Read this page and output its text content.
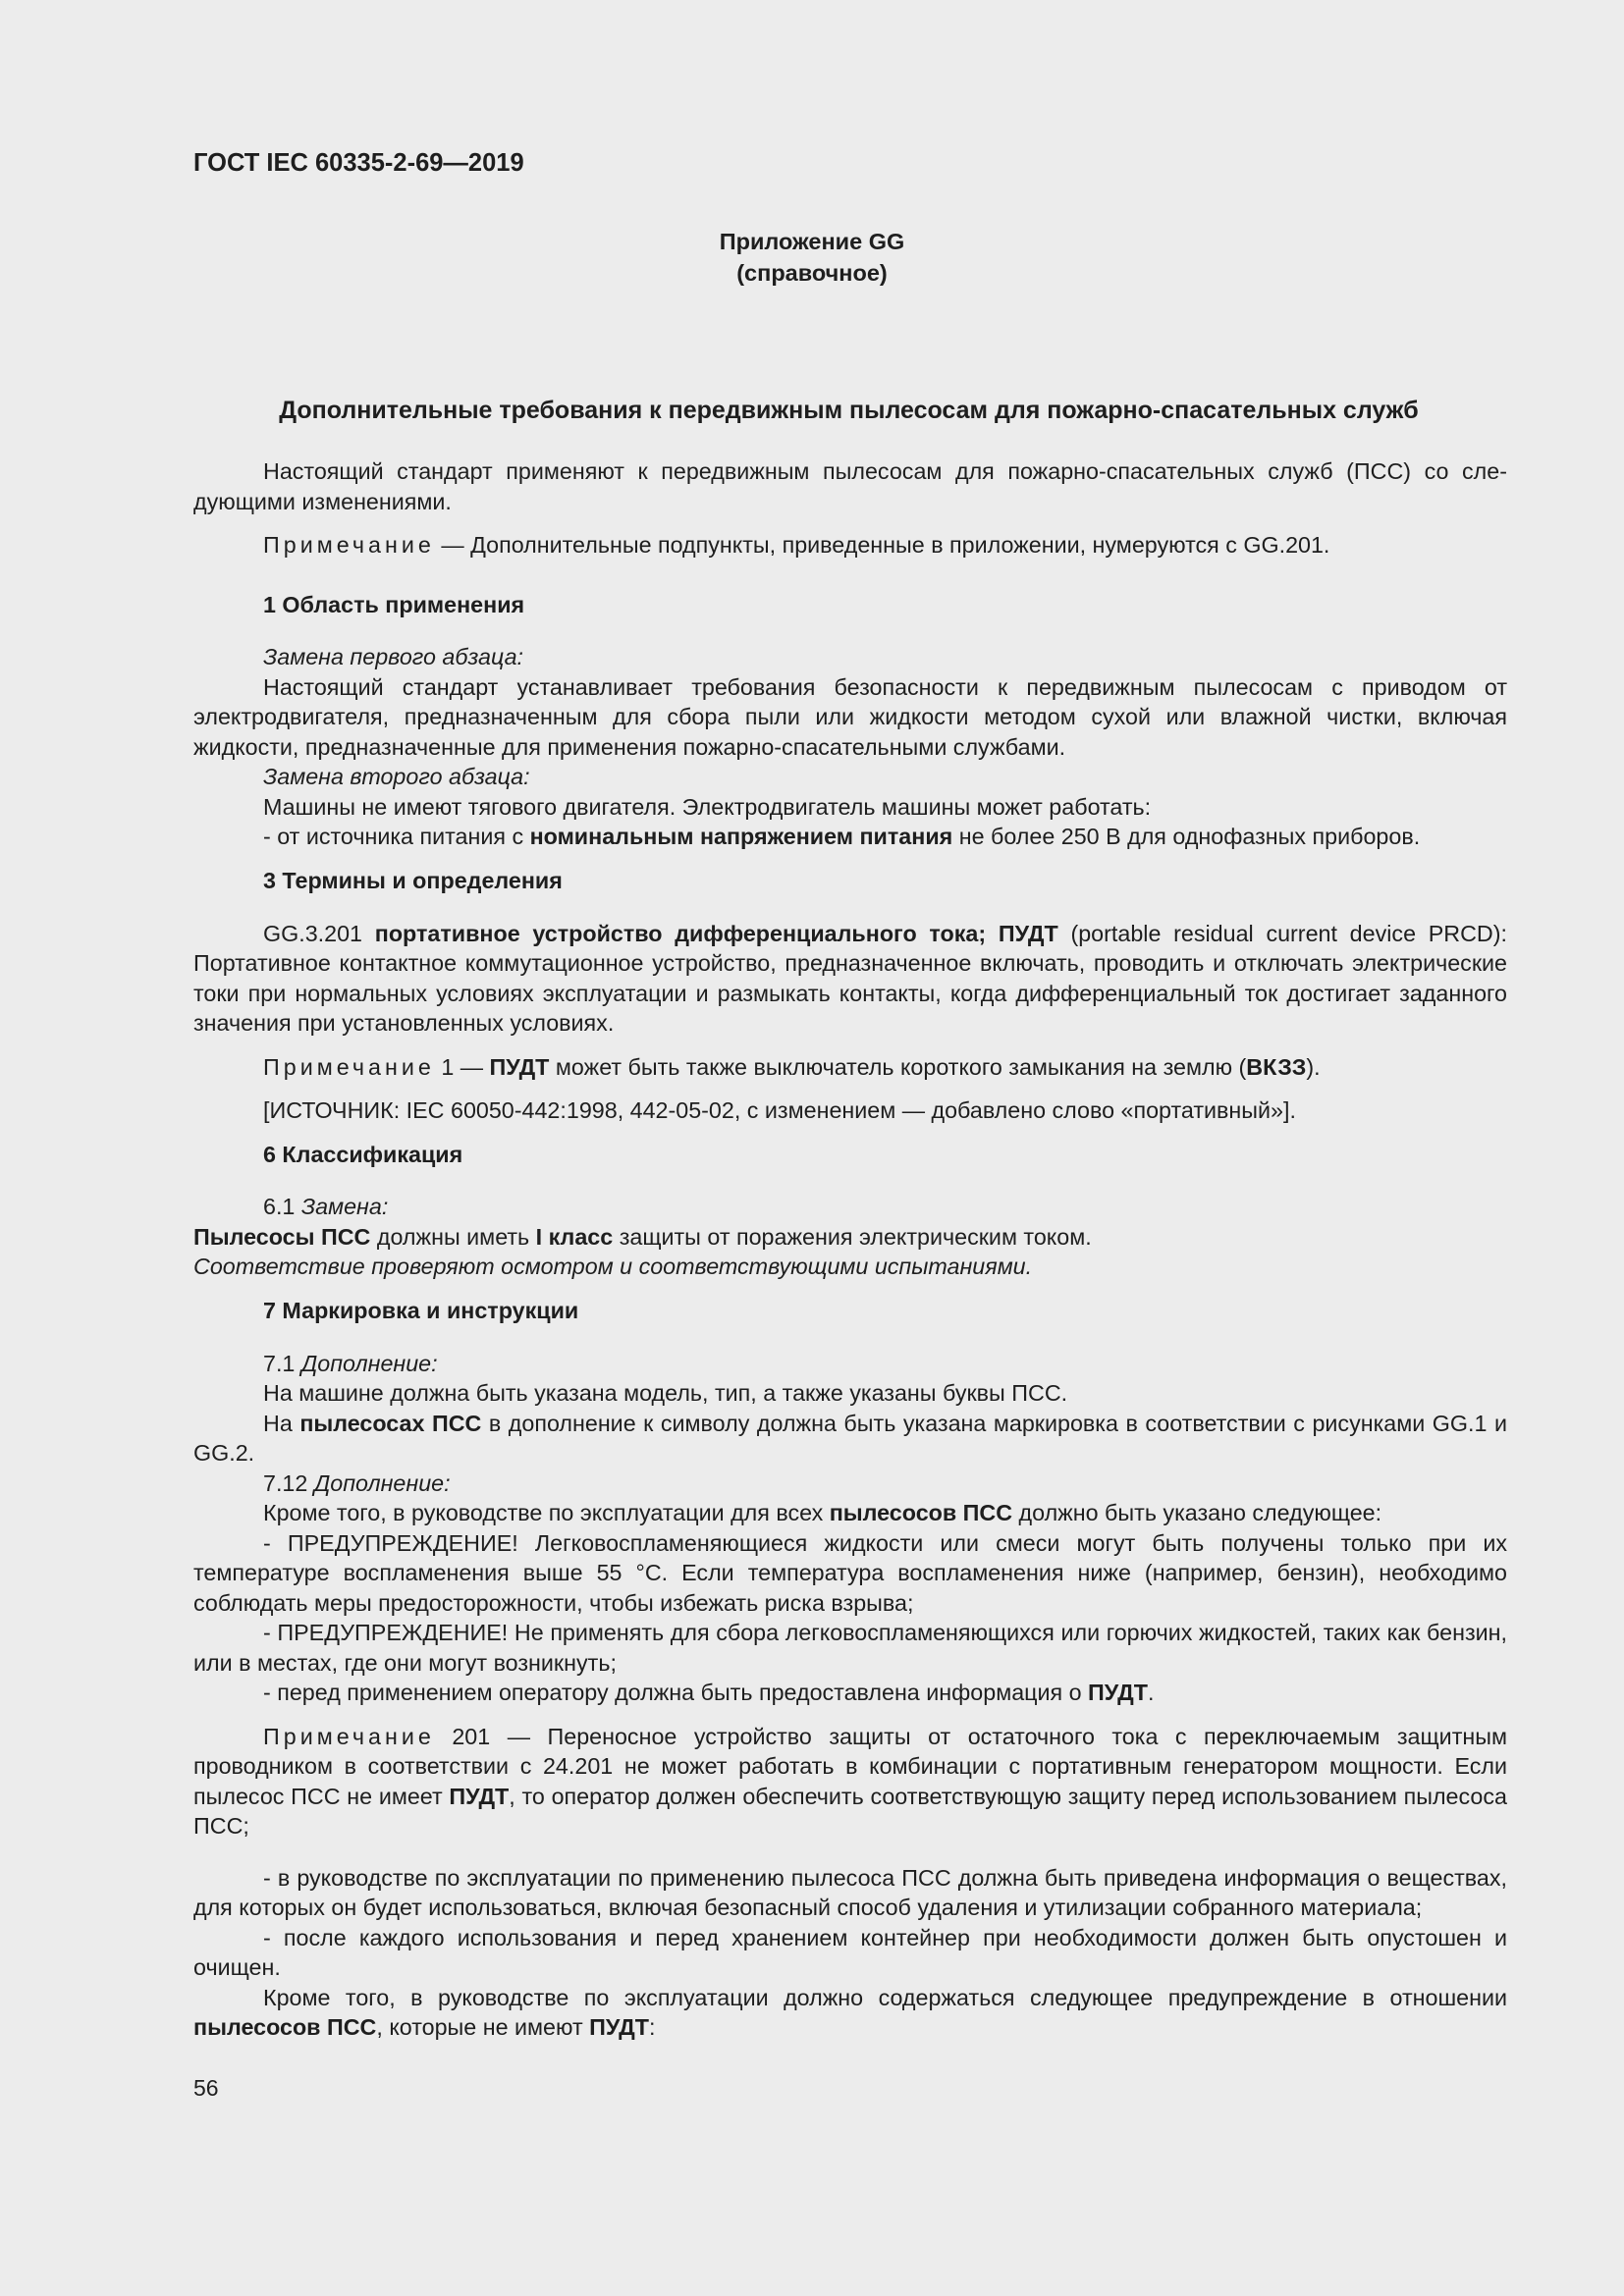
ГОСТ IEC 60335-2-69—2019
Приложение GG
(справочное)
Дополнительные требования к передвижным пылесосам для пожарно-спасательных служб

Настоящий стандарт применяют к передвижным пылесосам для пожарно-спасательных служб (ПСС) со следующими изменениями.

Примечание — Дополнительные подпункты, приведенные в приложении, нумеруются с GG.201.

1 Область применения

Замена первого абзаца:

Настоящий стандарт устанавливает требования безопасности к передвижным пылесосам с приводом от электродвигателя, предназначенным для сбора пыли или жидкости методом сухой или влажной чистки, включая жидкости, предназначенные для применения пожарно-спасательными службами.

Замена второго абзаца:

Машины не имеют тягового двигателя. Электродвигатель машины может работать:

- от источника питания с номинальным напряжением питания не более 250 В для однофазных приборов.

3 Термины и определения

GG.3.201 портативное устройство дифференциального тока; ПУДТ (portable residual current device PRCD): Портативное контактное коммутационное устройство, предназначенное включать, проводить и отключать электрические токи при нормальных условиях эксплуатации и размыкать контакты, когда дифференциальный ток достигает заданного значения при установленных условиях.

Примечание 1 — ПУДТ может быть также выключатель короткого замыкания на землю (ВКЗЗ).

[ИСТОЧНИК: IEC 60050-442:1998, 442-05-02, с изменением — добавлено слово «портативный»].

6 Классификация

6.1 Замена:

Пылесосы ПСС должны иметь I класс защиты от поражения электрическим током.

Соответствие проверяют осмотром и соответствующими испытаниями.

7 Маркировка и инструкции

7.1 Дополнение:

На машине должна быть указана модель, тип, а также указаны буквы ПСС.

На пылесосах ПСС в дополнение к символу должна быть указана маркировка в соответствии с рисунками GG.1 и GG.2.

7.12 Дополнение:

Кроме того, в руководстве по эксплуатации для всех пылесосов ПСС должно быть указано следующее:

- ПРЕДУПРЕЖДЕНИЕ! Легковоспламеняющиеся жидкости или смеси могут быть получены только при их температуре воспламенения выше 55 °С. Если температура воспламенения ниже (например, бензин), необходимо соблюдать меры предосторожности, чтобы избежать риска взрыва;

- ПРЕДУПРЕЖДЕНИЕ! Не применять для сбора легковоспламеняющихся или горючих жидкостей, таких как бензин, или в местах, где они могут возникнуть;

- перед применением оператору должна быть предоставлена информация о ПУДТ.

Примечание 201 — Переносное устройство защиты от остаточного тока с переключаемым защитным проводником в соответствии с 24.201 не может работать в комбинации с портативным генератором мощности. Если пылесос ПСС не имеет ПУДТ, то оператор должен обеспечить соответствующую защиту перед использованием пылесоса ПСС;

- в руководстве по эксплуатации по применению пылесоса ПСС должна быть приведена информация о веществах, для которых он будет использоваться, включая безопасный способ удаления и утилизации собранного материала;

- после каждого использования и перед хранением контейнер при необходимости должен быть опустошен и очищен.

Кроме того, в руководстве по эксплуатации должно содержаться следующее предупреждение в отношении пылесосов ПСС, которые не имеют ПУДТ:

56
